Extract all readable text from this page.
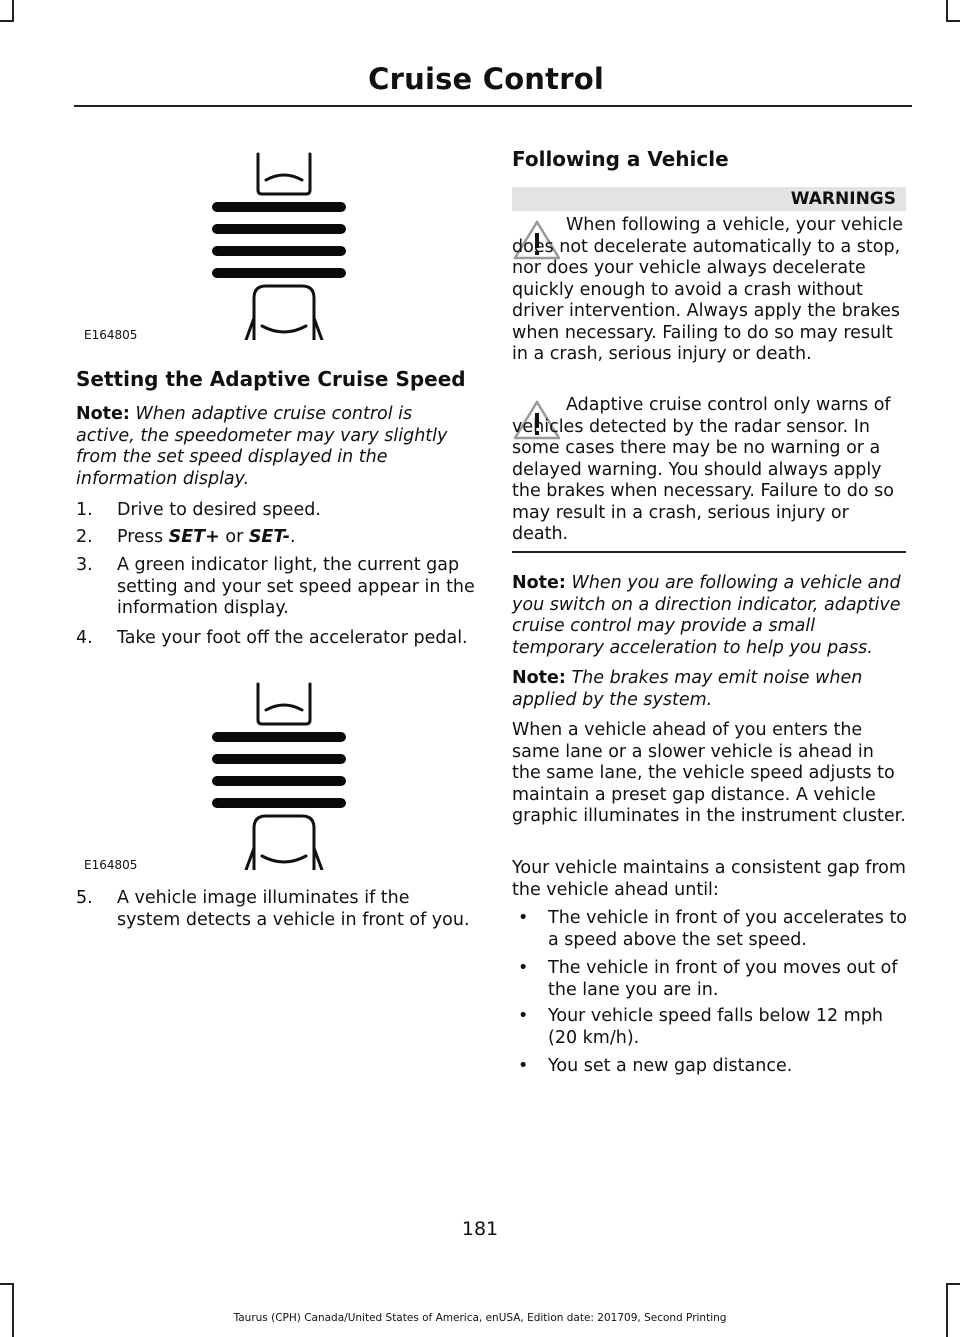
Cruise Control
E164805
Setting the Adaptive Cruise Speed
Note: When adaptive cruise control is active, the speedometer may vary slightly from the set speed displayed in the information display.
1. Drive to desired speed.
2. Press SET+ or SET-.
3. A green indicator light, the current gap setting and your set speed appear in the information display.
4. Take your foot off the accelerator pedal.
E164805
5. A vehicle image illuminates if the system detects a vehicle in front of you.
Following a Vehicle
WARNINGS
When following a vehicle, your vehicle does not decelerate automatically to a stop, nor does your vehicle always decelerate quickly enough to avoid a crash without driver intervention. Always apply the brakes when necessary. Failing to do so may result in a crash, serious injury or death.
Adaptive cruise control only warns of vehicles detected by the radar sensor. In some cases there may be no warning or a delayed warning. You should always apply the brakes when necessary. Failure to do so may result in a crash, serious injury or death.
Note: When you are following a vehicle and you switch on a direction indicator, adaptive cruise control may provide a small temporary acceleration to help you pass.
Note: The brakes may emit noise when applied by the system.
When a vehicle ahead of you enters the same lane or a slower vehicle is ahead in the same lane, the vehicle speed adjusts to maintain a preset gap distance. A vehicle graphic illuminates in the instrument cluster.
Your vehicle maintains a consistent gap from the vehicle ahead until:
• The vehicle in front of you accelerates to a speed above the set speed.
• The vehicle in front of you moves out of the lane you are in.
• Your vehicle speed falls below 12 mph (20 km/h).
• You set a new gap distance.
181
Taurus (CPH) Canada/United States of America, enUSA, Edition date: 201709, Second Printing
